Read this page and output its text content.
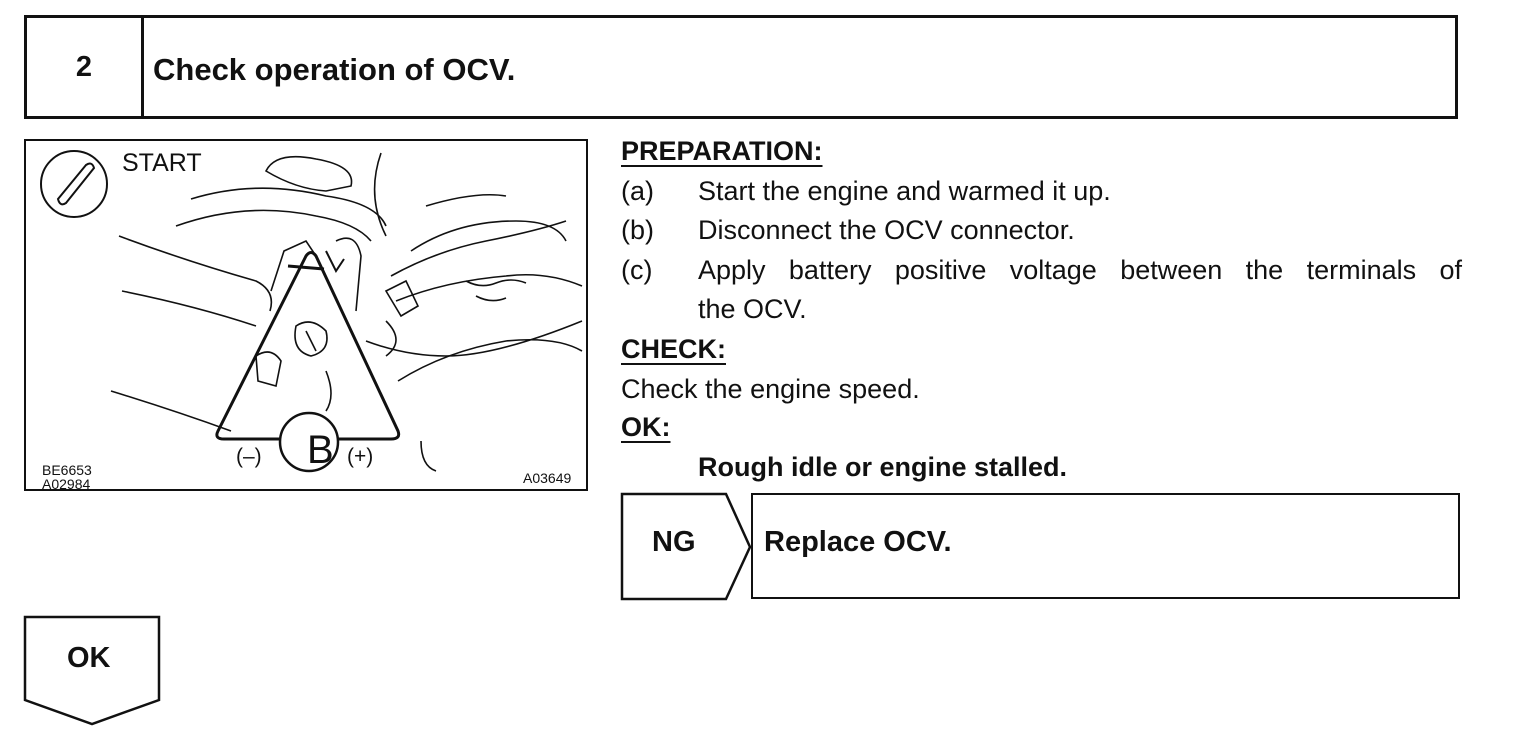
2	Check operation of OCV.
START
B
(–)	(+)
BE6653
A02984	A03649
PREPARATION:
(a) Start the engine and warmed it up.
(b) Disconnect the OCV connector.
(c) Apply battery positive voltage between the terminals of
the OCV.
CHECK:
Check the engine speed.
OK:
Rough idle or engine stalled.
NG Replace OCV.
OK
